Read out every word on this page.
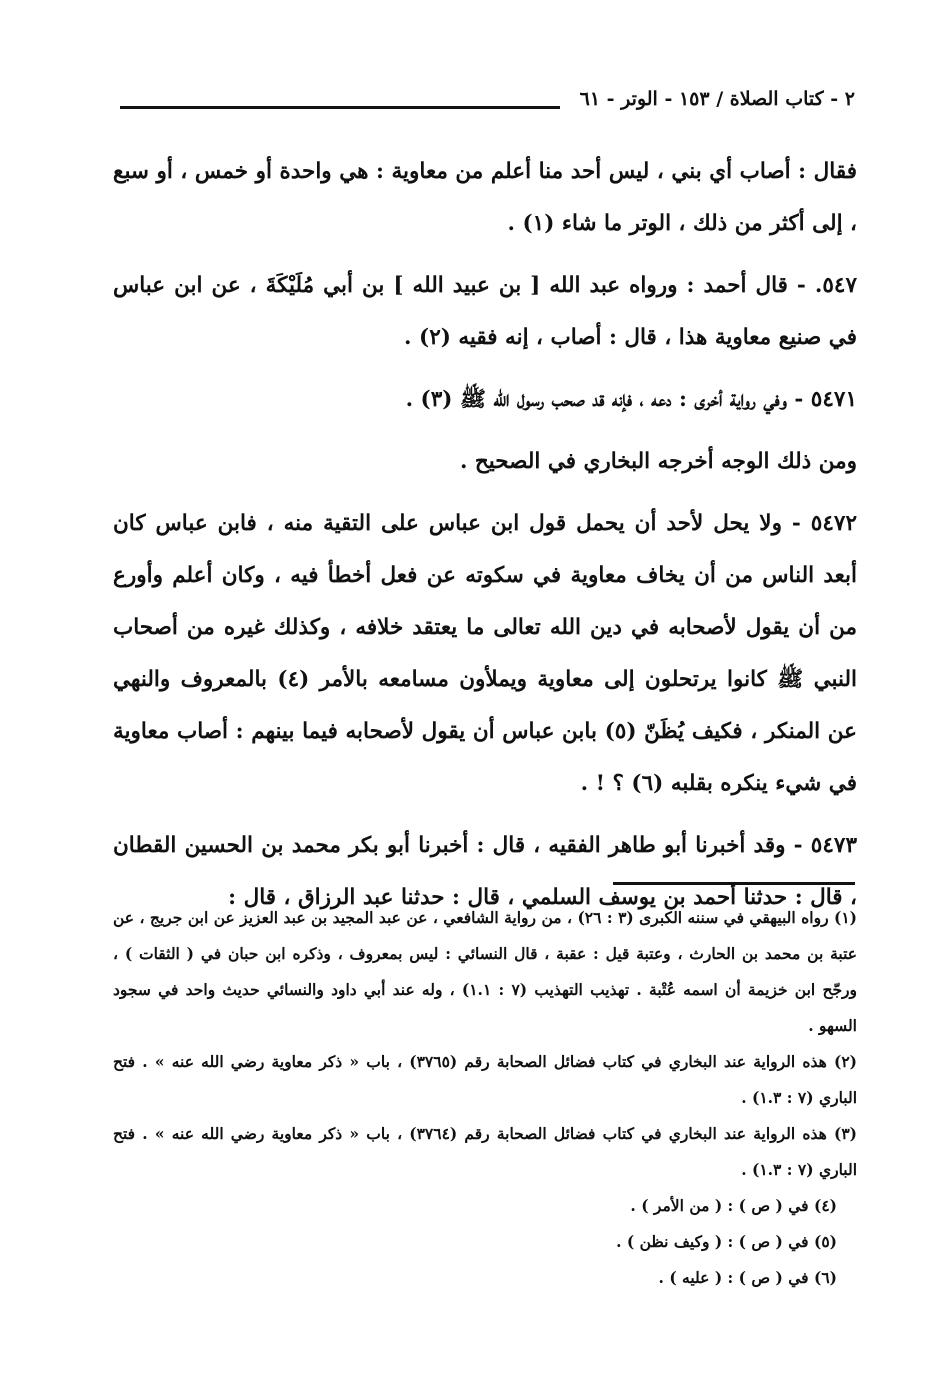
٢ - كتاب الصلاة / ١٥٣ - الوتر - ٦١

فقال : أصاب أي بني ، ليس أحد منا أعلم من معاوية : هي واحدة أو خمس ، أو سبع ، إلى أكثر من ذلك ، الوتر ما شاء (١) .

٥٤٧. - قال أحمد : ورواه عبد الله [ بن عبيد الله ] بن أبي مُلَيْكَةَ ، عن ابن عباس في صنيع معاوية هذا ، قال : أصاب ، إنه فقيه (٢) .

٥٤٧١ - وفي رواية أخرى : دعه ، فإنه قد صحب رسول الله ﷺ (٣) .

ومن ذلك الوجه أخرجه البخاري في الصحيح .

٥٤٧٢ - ولا يحل لأحد أن يحمل قول ابن عباس على التقية منه ، فابن عباس كان أبعد الناس من أن يخاف معاوية في سكوته عن فعل أخطأ فيه ، وكان أعلم وأورع من أن يقول لأصحابه في دين الله تعالى ما يعتقد خلافه ، وكذلك غيره من أصحاب النبي ﷺ كانوا يرتحلون إلى معاوية ويملأون مسامعه بالأمر (٤) بالمعروف والنهي عن المنكر ، فكيف يُظَنّ (٥) بابن عباس أن يقول لأصحابه فيما بينهم : أصاب معاوية في شيء ينكره بقلبه (٦) ؟ ! .

٥٤٧٣ - وقد أخبرنا أبو طاهر الفقيه ، قال : أخبرنا أبو بكر محمد بن الحسين القطان ، قال : حدثنا أحمد بن يوسف السلمي ، قال : حدثنا عبد الرزاق ، قال :

(١) رواه البيهقي في سننه الكبرى (٣ : ٢٦) ، من رواية الشافعي ، عن عبد المجيد بن عبد العزيز عن ابن جريج ، عن عتبة بن محمد بن الحارث ، وعتبة قيل : عقبة ، قال النسائي : ليس بمعروف ، وذكره ابن حبان في ( الثقات ) ، ورجّح ابن خزيمة أن اسمه عُتْبة . تهذيب التهذيب (٧ : ١.١) ، وله عند أبي داود والنسائي حديث واحد في سجود السهو .

(٢) هذه الرواية عند البخاري في كتاب فضائل الصحابة رقم (٣٧٦٥) ، باب « ذكر معاوية رضي الله عنه » . فتح الباري (٧ : ١.٣) .

(٣) هذه الرواية عند البخاري في كتاب فضائل الصحابة رقم (٣٧٦٤) ، باب « ذكر معاوية رضي الله عنه » . فتح الباري (٧ : ١.٣) .

(٤) في ( ص ) : ( من الأمر ) .

(٥) في ( ص ) : ( وكيف نظن ) .

(٦) في ( ص ) : ( عليه ) .
